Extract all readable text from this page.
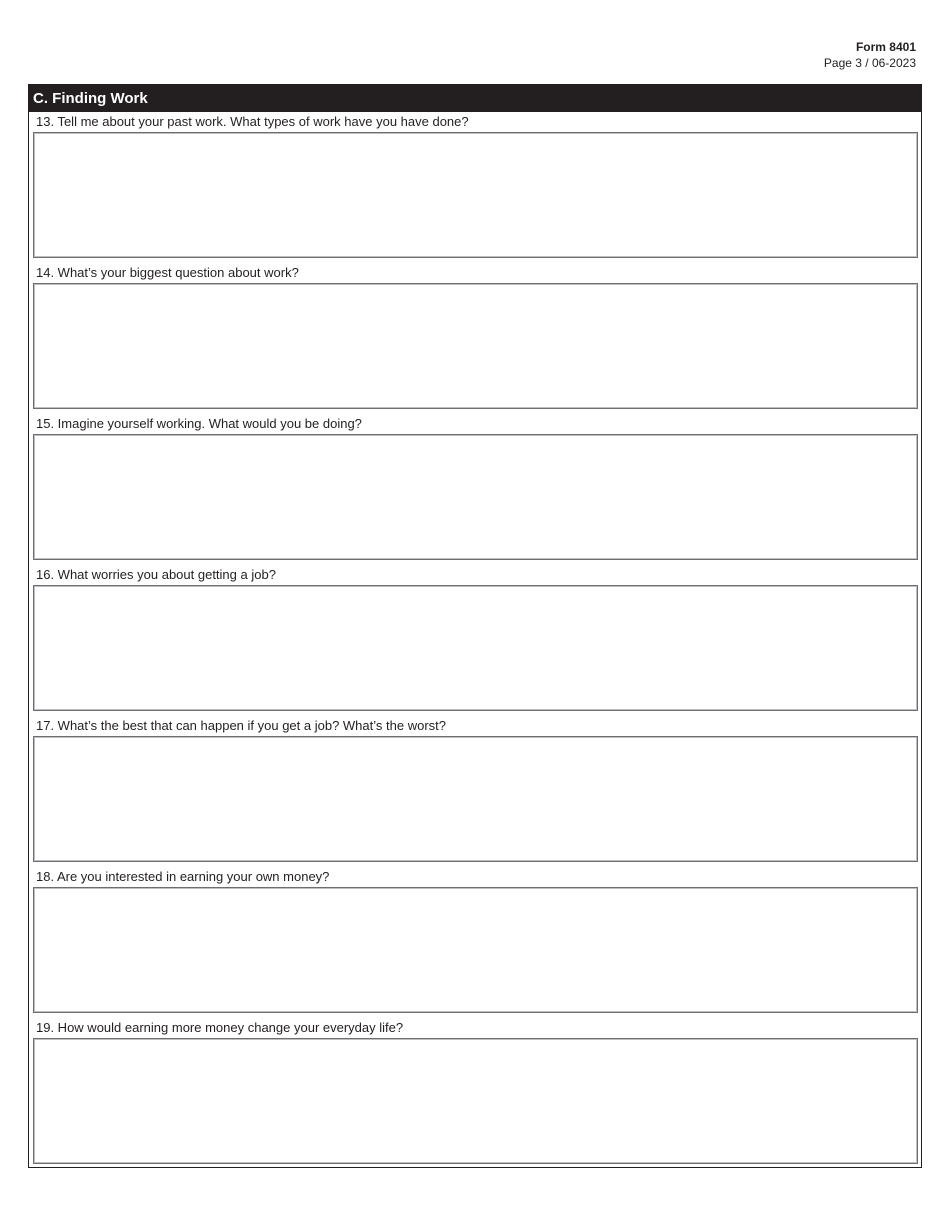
Form 8401
Page 3 / 06-2023
C. Finding Work
13. Tell me about your past work. What types of work have you have done?
14. What’s your biggest question about work?
15. Imagine yourself working. What would you be doing?
16. What worries you about getting a job?
17. What’s the best that can happen if you get a job? What’s the worst?
18. Are you interested in earning your own money?
19. How would earning more money change your everyday life?
